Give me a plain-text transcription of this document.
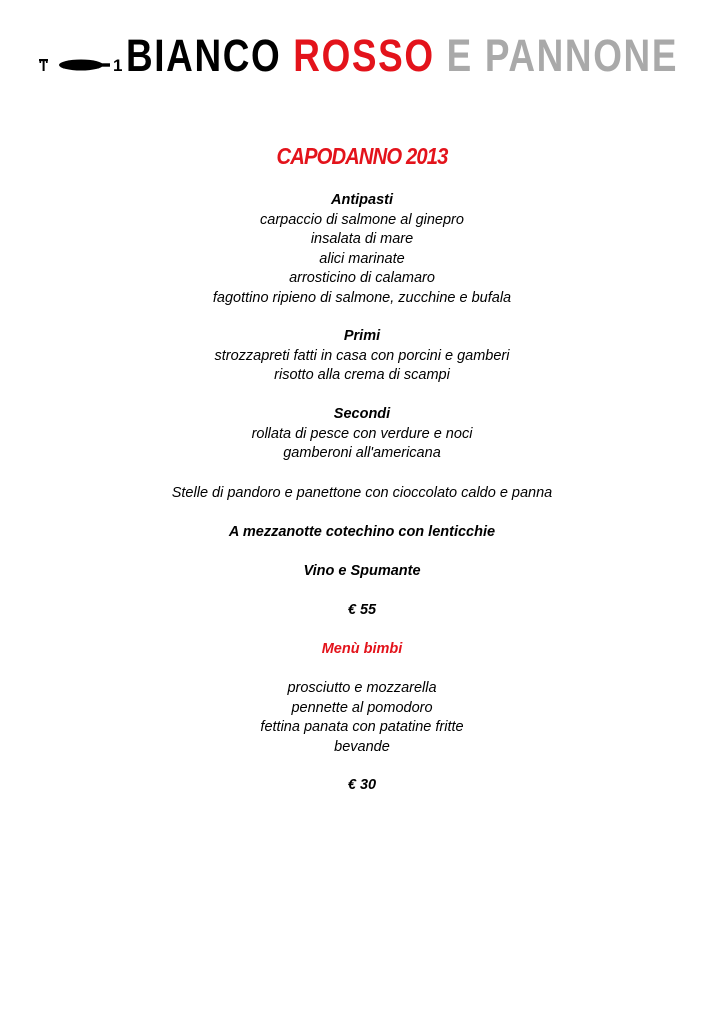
1 BIANCO ROSSO E PANNONE
CAPODANNO 2013
Antipasti
carpaccio di salmone al ginepro
insalata di mare
alici marinate
arrosticino di calamaro
fagottino ripieno di salmone, zucchine e bufala
Primi
strozzapreti fatti in casa con porcini e gamberi
risotto alla crema di scampi
Secondi
rollata di pesce con verdure e noci
gamberoni all'americana
Stelle di pandoro e panettone con cioccolato caldo e panna
A mezzanotte cotechino con lenticchie
Vino e Spumante
€ 55
Menù bimbi
prosciutto e mozzarella
pennette al pomodoro
fettina panata con patatine fritte
bevande
€ 30
